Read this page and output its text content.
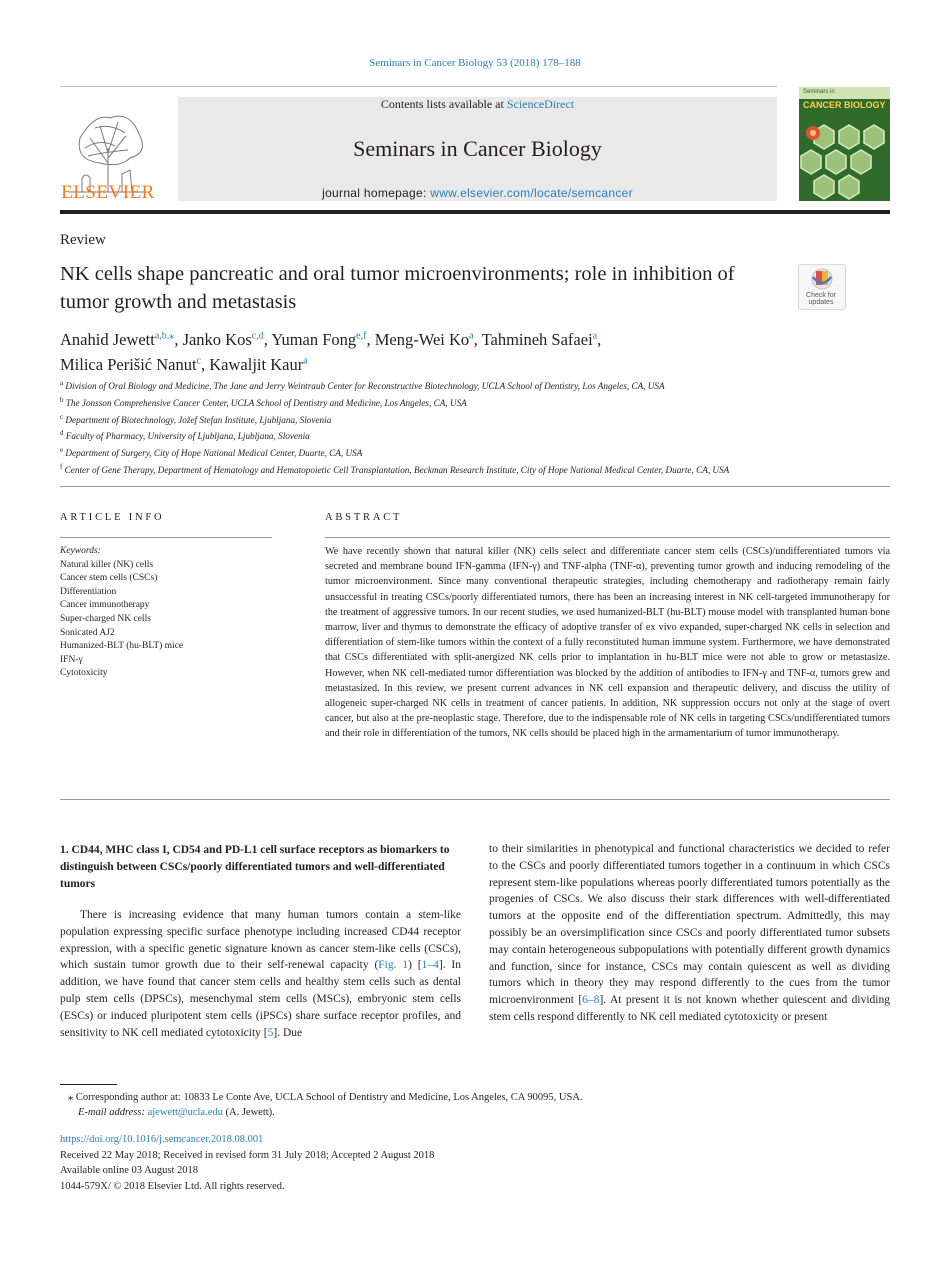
Seminars in Cancer Biology 53 (2018) 178–188
ELSEVIER
Contents lists available at ScienceDirect
Seminars in Cancer Biology
journal homepage: www.elsevier.com/locate/semcancer
Seminars in
CANCER BIOLOGY
Review
NK cells shape pancreatic and oral tumor microenvironments; role in inhibition of tumor growth and metastasis	Check for updates
Anahid Jewett$^{a,b,⁎}$, Janko Kos$^{c,d}$, Yuman Fong$^{e,f}$, Meng-Wei Ko$^a$, Tahmineh Safaei$^a$,
Milica Perišić Nanut$^c$, Kawaljit Kaur$^a$
$^a$ Division of Oral Biology and Medicine, The Jane and Jerry Weintraub Center for Reconstructive Biotechnology, UCLA School of Dentistry, Los Angeles, CA, USA
$^b$ The Jonsson Comprehensive Cancer Center, UCLA School of Dentistry and Medicine, Los Angeles, CA, USA
$^c$ Department of Biotechnology, Jožef Stefan Institute, Ljubljana, Slovenia
$^d$ Faculty of Pharmacy, University of Ljubljana, Ljubljana, Slovenia
$^e$ Department of Surgery, City of Hope National Medical Center, Duarte, CA, USA
$^f$ Center of Gene Therapy, Department of Hematology and Hematopoietic Cell Transplantation, Beckman Research Institute, City of Hope National Medical Center, Duarte, CA, USA
ARTICLE INFO	ABSTRACT
Keywords:
Natural killer (NK) cells
Cancer stem cells (CSCs)
Differentiation
Cancer immunotherapy
Super-charged NK cells
Sonicated AJ2
Humanized-BLT (hu-BLT) mice
IFN-γ
Cytotoxicity
We have recently shown that natural killer (NK) cells select and differentiate cancer stem cells (CSCs)/undifferentiated tumors via secreted and membrane bound IFN-gamma (IFN-γ) and TNF-alpha (TNF-α), preventing tumor growth and inducing remodeling of the tumor microenvironment. Since many conventional therapeutic strategies, including chemotherapy and radiotherapy remain fairly unsuccessful in treating CSCs/poorly differentiated tumors, there has been an increasing interest in NK cell-targeted immunotherapy for the treatment of aggressive tumors. In our recent studies, we used humanized-BLT (hu-BLT) mouse model with transplanted human bone marrow, liver and thymus to demonstrate the efficacy of adoptive transfer of ex vivo expanded, super-charged NK cells in selection and differentiation of stem-like tumors within the context of a fully reconstituted human immune system. Furthermore, we have demonstrated that CSCs differentiated with split-anergized NK cells prior to implantation in hu-BLT mice were not able to grow or metastasize. However, when NK cell-mediated tumor differentiation was blocked by the addition of antibodies to IFN-γ and TNF-α, tumors grew and metastasized. In this review, we present current advances in NK cell expansion and therapeutic delivery, and discuss the utility of allogeneic super-charged NK cells in treatment of cancer patients. In addition, NK suppression occurs not only at the stage of overt cancer, but also at the pre-neoplastic stage. Therefore, due to the indispensable role of NK cells in targeting CSCs/undifferentiated tumors and their role in differentiation of the tumors, NK cells should be placed high in the armamentarium of tumor immunotherapy.
1. CD44, MHC class I, CD54 and PD-L1 cell surface receptors as biomarkers to distinguish between CSCs/poorly differentiated tumors and well-differentiated tumors
There is increasing evidence that many human tumors contain a stem-like population expressing specific surface phenotype including increased CD44 receptor expression, with a specific genetic signature known as cancer stem-like cells (CSCs), which sustain tumor growth due to their self-renewal capacity (Fig. 1) [1–4]. In addition, we have found that cancer stem cells and healthy stem cells such as dental pulp stem cells (DPSCs), mesenchymal stem cells (MSCs), embryonic stem cells (ESCs) or induced pluripotent stem cells (iPSCs) share surface receptor profiles, and sensitivity to NK cell mediated cytotoxicity [5]. Due
to their similarities in phenotypical and functional characteristics we decided to refer to the CSCs and poorly differentiated tumors together in a continuum in which CSCs represent stem-like populations whereas poorly differentiated tumors potentially as the progenies of CSCs. We also discuss their stark differences with well-differentiated tumors at the opposite end of the differentiation spectrum. Admittedly, this may possibly be an oversimplification since CSCs and poorly differentiated tumor subsets may contain heterogeneous subpopulations with potentially different growth dynamics and function, since for instance, CSCs may contain quiescent as well as dividing tumors which in theory they may respond differently to the cues from the tumor microenvironment [6–8]. At present it is not known whether quiescent and dividing stem cells respond differently to NK cell mediated cytotoxicity or present
⁎ Corresponding author at: 10833 Le Conte Ave, UCLA School of Dentistry and Medicine, Los Angeles, CA 90095, USA.
E-mail address: ajewett@ucla.edu (A. Jewett).
https://doi.org/10.1016/j.semcancer.2018.08.001
Received 22 May 2018; Received in revised form 31 July 2018; Accepted 2 August 2018
Available online 03 August 2018
1044-579X/ © 2018 Elsevier Ltd. All rights reserved.
